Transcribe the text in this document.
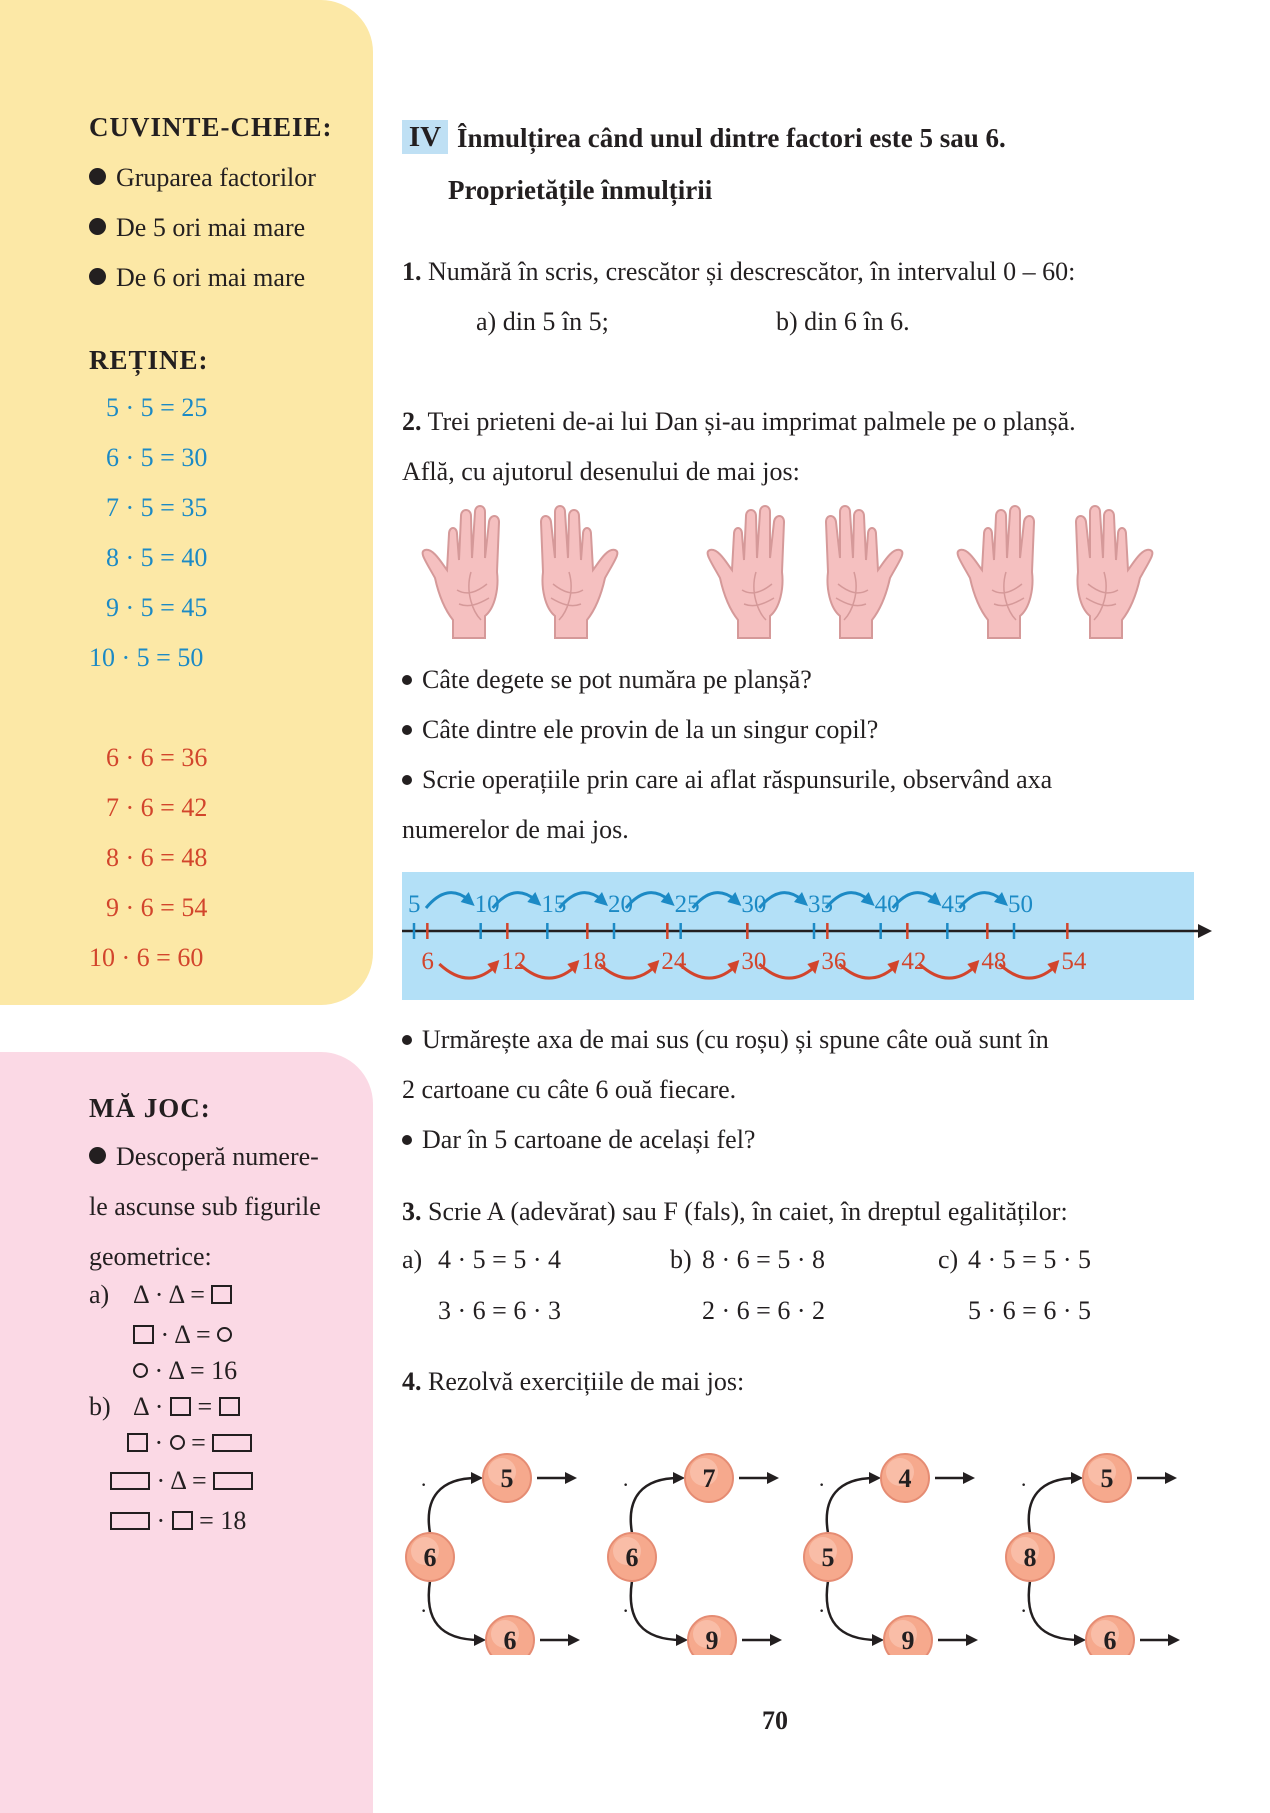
CUVINTE-CHEIE:
Gruparea factorilor
De 5 ori mai mare
De 6 ori mai mare
REȚINE:
5 · 5 = 25
6 · 5 = 30
7 · 5 = 35
8 · 5 = 40
9 · 5 = 45
10 · 5 = 50
6 · 6 = 36
7 · 6 = 42
8 · 6 = 48
9 · 6 = 54
10 · 6 = 60
MĂ JOC:
Descoperă numere-
le ascunse sub figurile
geometrice:
a) Δ · Δ =
· Δ =
· Δ = 16
b) Δ ·  =
·  =
· Δ =
·  = 18
IV Înmulțirea când unul dintre factori este 5 sau 6.
Proprietățile înmulțirii
1. Numără în scris, crescător și descrescător, în intervalul 0 – 60:
a) din 5 în 5;	b) din 6 în 6.
2. Trei prieteni de-ai lui Dan și-au imprimat palmele pe o planșă.
Află, cu ajutorul desenului de mai jos:
Câte degete se pot număra pe planșă?
Câte dintre ele provin de la un singur copil?
Scrie operațiile prin care ai aflat răspunsurile, observând axa
numerelor de mai jos.
5 10 15 20 25 30 35 40 45 50
6	12 18 24 30 36 42 48 54
Urmărește axa de mai sus (cu roșu) și spune câte ouă sunt în
2 cartoane cu câte 6 ouă fiecare.
Dar în 5 cartoane de același fel?
3. Scrie A (adevărat) sau F (fals), în caiet, în dreptul egalităților:
a) 4 · 5 = 5 · 4
3 · 6 = 6 · 3
b) 8 · 6 = 5 · 8
2 · 6 = 6 · 2
c) 4 · 5 = 5 · 5
5 · 6 = 6 · 5
4. Rezolvă exercițiile de mai jos:
·
·
6
5
6
·
·
6
7
9
·
·
5
4
9
·
·
8
5
6
70
